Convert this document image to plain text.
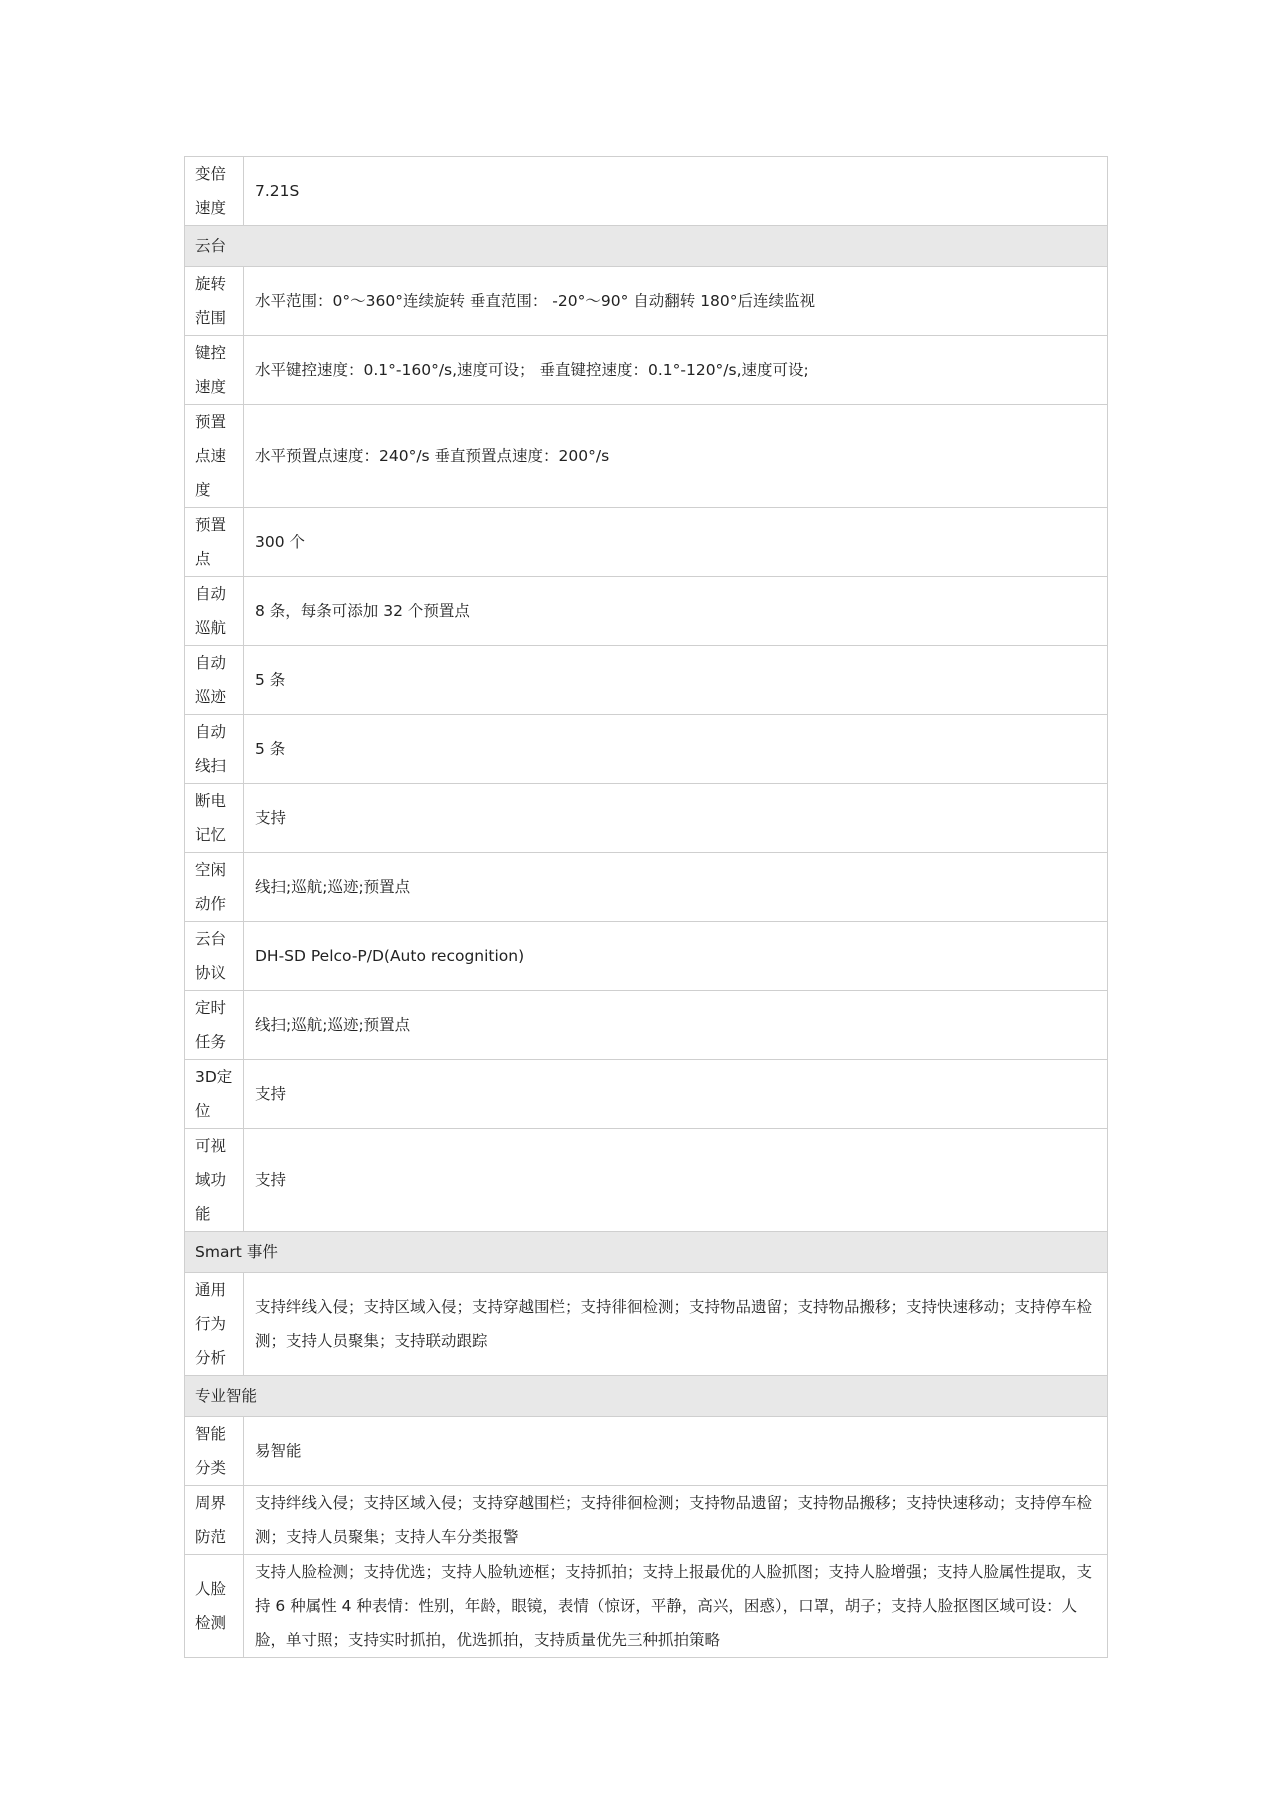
变倍速度	7.21S
云台	
旋转范围	水平范围：0°～360°连续旋转 垂直范围： -20°～90° 自动翻转 180°后连续监视
键控速度	水平键控速度：0.1°-160°/s,速度可设； 垂直键控速度：0.1°-120°/s,速度可设;
预置点速度	水平预置点速度：240°/s 垂直预置点速度：200°/s
预置点	300 个
自动巡航	8 条，每条可添加 32 个预置点
自动巡迹	5 条
自动线扫	5 条
断电记忆	支持
空闲动作	线扫;巡航;巡迹;预置点
云台协议	DH-SD Pelco-P/D(Auto recognition)
定时任务	线扫;巡航;巡迹;预置点
3D定位	支持
可视域功能	支持
Smart 事件	
通用行为分析	支持绊线入侵；支持区域入侵；支持穿越围栏；支持徘徊检测；支持物品遗留；支持物品搬移；支持快速移动；支持停车检测；支持人员聚集；支持联动跟踪
专业智能	
智能分类	易智能
周界防范	支持绊线入侵；支持区域入侵；支持穿越围栏；支持徘徊检测；支持物品遗留；支持物品搬移；支持快速移动；支持停车检测；支持人员聚集；支持人车分类报警
人脸检测	支持人脸检测；支持优选；支持人脸轨迹框；支持抓拍；支持上报最优的人脸抓图；支持人脸增强；支持人脸属性提取，支持 6 种属性 4 种表情：性别，年龄，眼镜，表情（惊讶，平静，高兴，困惑），口罩，胡子；支持人脸抠图区域可设：人脸，单寸照；支持实时抓拍，优选抓拍，支持质量优先三种抓拍策略
